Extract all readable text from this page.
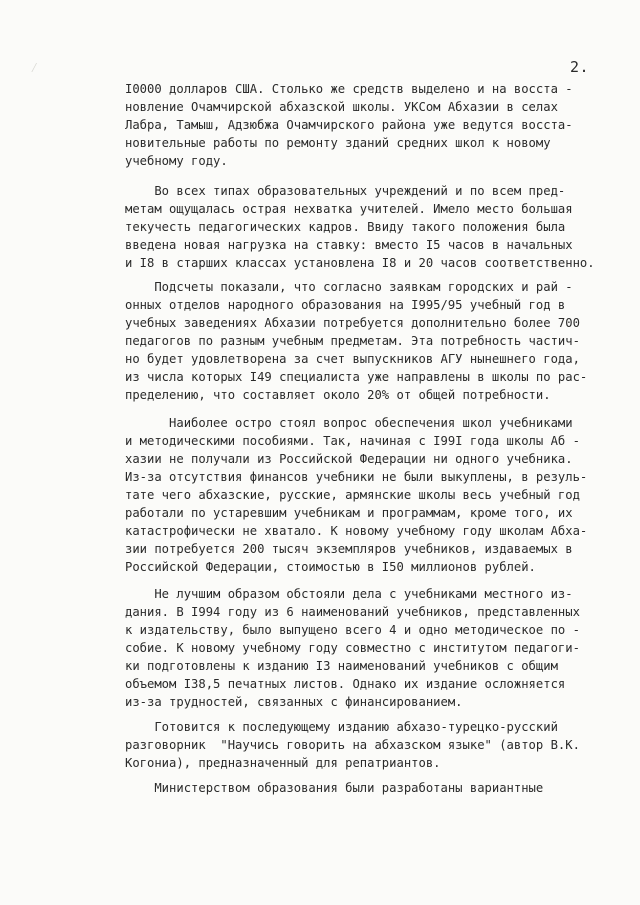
⁄	2.
I0000 долларов США. Столько же средств выделено и на восста -
новление Очамчирской абхазской школы. УКСом Абхазии в селах
Лабра, Тамыш, Адзюбжа Очамчирского района уже ведутся восста-
новительные работы по ремонту зданий средних школ к новому
учебному году.
Во всех типах образовательных учреждений и по всем пред-
метам ощущалась острая нехватка учителей. Имело место большая
текучесть педагогических кадров. Ввиду такого положения была
введена новая нагрузка на ставку: вместо I5 часов в начальных
и I8 в старших классах установлена I8 и 20 часов соответственно.
Подсчеты показали, что согласно заявкам городских и рай -
онных отделов народного образования на I995/95 учебный год в
учебных заведениях Абхазии потребуется дополнительно более 700
педагогов по разным учебным предметам. Эта потребность частич-
но будет удовлетворена за счет выпускников АГУ нынешнего года,
из числа которых I49 специалиста уже направлены в школы по рас-
пределению, что составляет около 20% от общей потребности.
Наиболее остро стоял вопрос обеспечения школ учебниками
и методическими пособиями. Так, начиная с I99I года школы Аб -
хазии не получали из Российской Федерации ни одного учебника.
Из-за отсутствия финансов учебники не были выкуплены, в резуль-
тате чего абхазские, русские, армянские школы весь учебный год
работали по устаревшим учебникам и программам, кроме того, их
катастрофически не хватало. К новому учебному году школам Абха-
зии потребуется 200 тысяч экземпляров учебников, издаваемых в
Российской Федерации, стоимостью в I50 миллионов рублей.
Не лучшим образом обстояли дела с учебниками местного из-
дания. В I994 году из 6 наименований учебников, представленных
к издательству, было выпущено всего 4 и одно методическое по -
собие. К новому учебному году совместно с институтом педагоги-
ки подготовлены к изданию I3 наименований учебников с общим
объемом I38,5 печатных листов. Однако их издание осложняется
из-за трудностей, связанных с финансированием.
Готовится к последующему изданию абхазо-турецко-русский
разговорник  "Научись говорить на абхазском языке" (автор В.К.
Когониа), предназначенный для репатриантов.
Министерством образования были разработаны вариантные
